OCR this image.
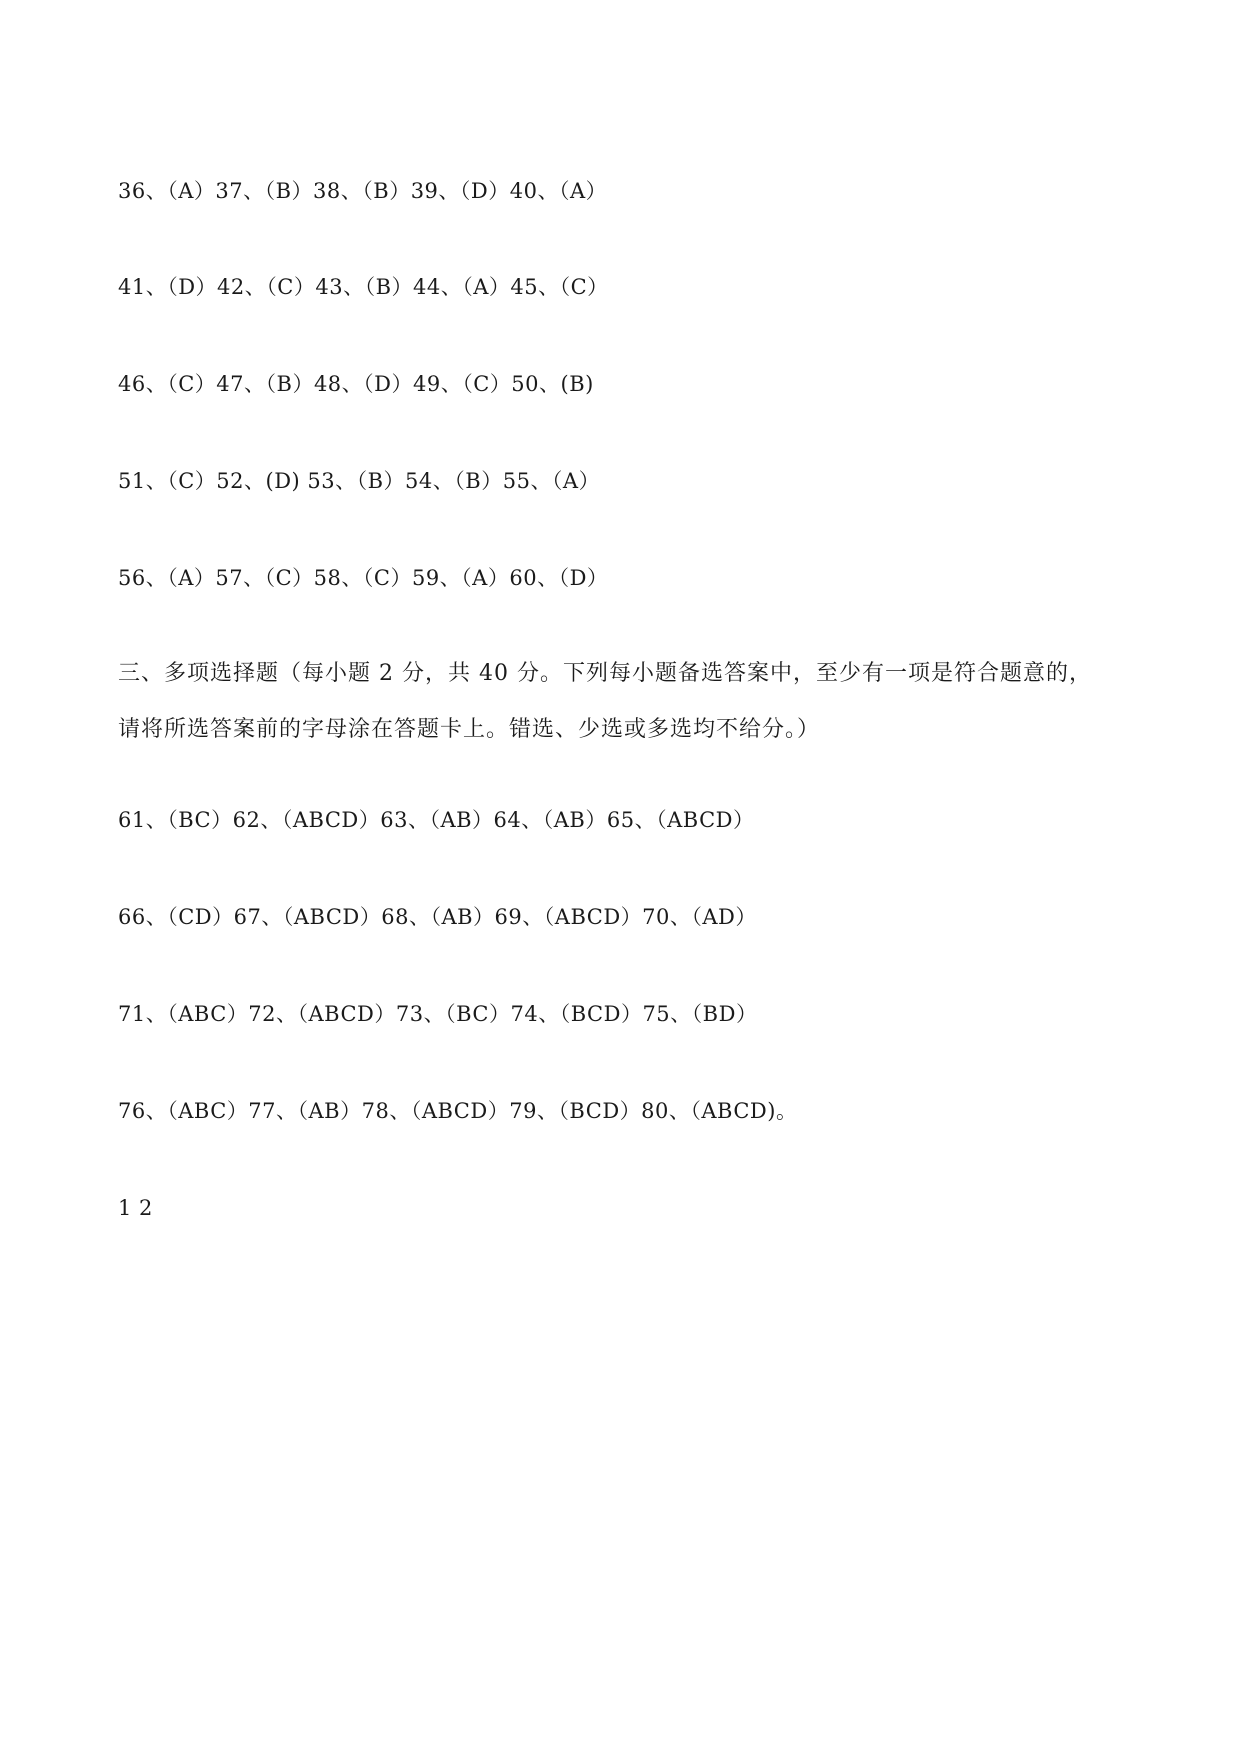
36、（A）37、（B）38、（B）39、（D）40、（A）
41、（D）42、（C）43、（B）44、（A）45、（C）
46、（C）47、（B）48、（D）49、（C）50、(B)
51、（C）52、(D) 53、（B）54、（B）55、（A）
56、（A）57、（C）58、（C）59、（A）60、（D）
三、多项选择题（每小题 2 分，共 40 分。下列每小题备选答案中，至少有一项是符合题意的，
请将所选答案前的字母涂在答题卡上。错选、少选或多选均不给分。）
61、（BC）62、（ABCD）63、（AB）64、（AB）65、（ABCD）
66、（CD）67、（ABCD）68、（AB）69、（ABCD）70、（AD）
71、（ABC）72、（ABCD）73、（BC）74、（BCD）75、（BD）
76、（ABC）77、（AB）78、（ABCD）79、（BCD）80、（ABCD)。
1 2
